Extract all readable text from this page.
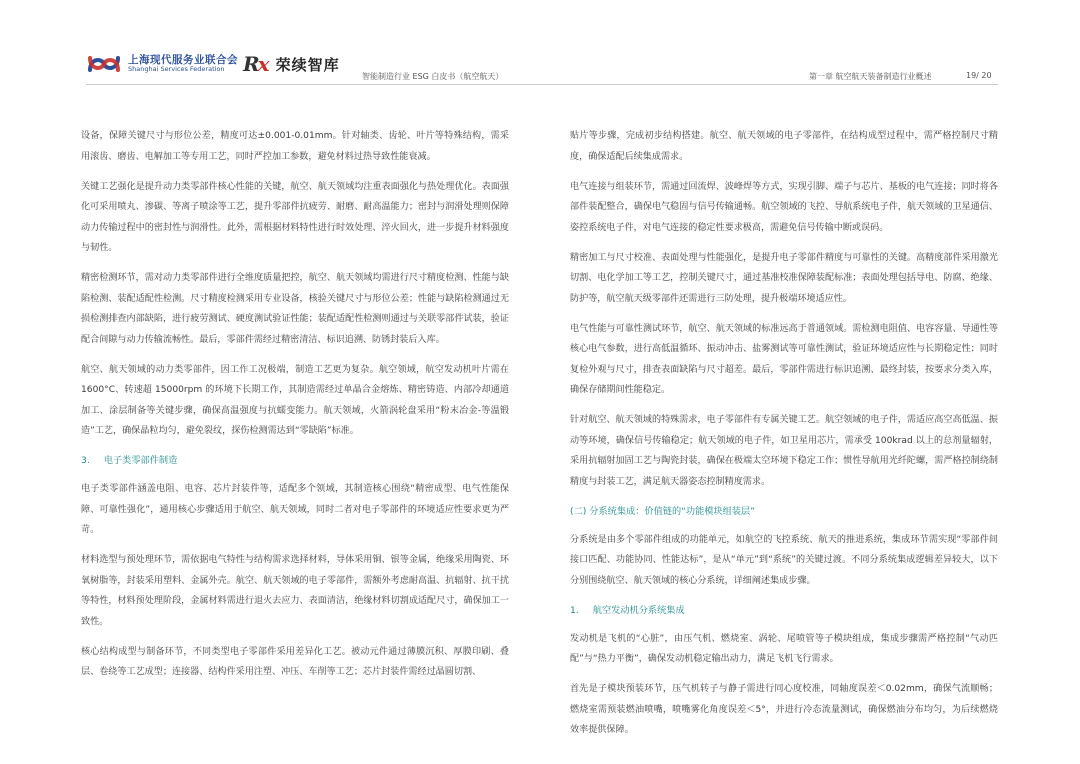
上海现代服务业联合会
Shanghai Services Federation Rx 荣续智库
智能制造行业 ESG 白皮书（航空航天）	第一章 航空航天装备制造行业概述	19/ 20

设备，保障关键尺寸与形位公差，精度可达±0.001-0.01mm。针对轴类、齿轮、叶片等特殊结构，需采用滚齿、磨齿、电解加工等专用工艺，同时严控加工参数，避免材料过热导致性能衰减。

关键工艺强化是提升动力类零部件核心性能的关键，航空、航天领域均注重表面强化与热处理优化。表面强化可采用喷丸、渗碳、等离子喷涂等工艺，提升零部件抗疲劳、耐磨、耐高温能力；密封与润滑处理则保障动力传输过程中的密封性与润滑性。此外，需根据材料特性进行时效处理、淬火回火，进一步提升材料强度与韧性。

精密检测环节，需对动力类零部件进行全维度质量把控，航空、航天领域均需进行尺寸精度检测、性能与缺陷检测、装配适配性检测。尺寸精度检测采用专业设备，核验关键尺寸与形位公差；性能与缺陷检测通过无损检测排查内部缺陷，进行疲劳测试、硬度测试验证性能；装配适配性检测则通过与关联零部件试装，验证配合间隙与动力传输流畅性。最后，零部件需经过精密清洁、标识追溯、防锈封装后入库。

航空、航天领域的动力类零部件，因工作工况极端，制造工艺更为复杂。航空领域，航空发动机叶片需在 1600°C、转速超 15000rpm 的环境下长期工作，其制造需经过单晶合金熔炼、精密铸造、内部冷却通道加工、涂层制备等关键步骤，确保高温强度与抗蠕变能力。航天领域，火箭涡轮盘采用“粉末冶金-等温锻造”工艺，确保晶粒均匀，避免裂纹，探伤检测需达到“零缺陷”标准。

3. 电子类零部件制造

电子类零部件涵盖电阻、电容、芯片封装件等，适配多个领域，其制造核心围绕“精密成型、电气性能保障、可靠性强化”，通用核心步骤适用于航空、航天领域，同时二者对电子零部件的环境适应性要求更为严苛。

材料选型与预处理环节，需依据电气特性与结构需求选择材料，导体采用铜、银等金属，绝缘采用陶瓷、环氧树脂等，封装采用塑料、金属外壳。航空、航天领域的电子零部件，需额外考虑耐高温、抗辐射、抗干扰等特性，材料预处理阶段，金属材料需进行退火去应力、表面清洁，绝缘材料切割成适配尺寸，确保加工一致性。

核心结构成型与制备环节，不同类型电子零部件采用差异化工艺。被动元件通过薄膜沉积、厚膜印刷、叠层、卷绕等工艺成型；连接器、结构件采用注塑、冲压、车削等工艺；芯片封装件需经过晶圆切割、

贴片等步骤，完成初步结构搭建。航空、航天领域的电子零部件，在结构成型过程中，需严格控制尺寸精度，确保适配后续集成需求。

电气连接与组装环节，需通过回流焊、波峰焊等方式，实现引脚、端子与芯片、基板的电气连接；同时将各部件装配整合，确保电气稳固与信号传输通畅。航空领域的飞控、导航系统电子件，航天领域的卫星通信、姿控系统电子件，对电气连接的稳定性要求极高，需避免信号传输中断或误码。

精密加工与尺寸校准、表面处理与性能强化，是提升电子零部件精度与可靠性的关键。高精度部件采用激光切割、电化学加工等工艺，控制关键尺寸，通过基准校准保障装配标准；表面处理包括导电、防腐、绝缘、防护等，航空航天级零部件还需进行三防处理，提升极端环境适应性。

电气性能与可靠性测试环节，航空、航天领域的标准远高于普通领域。需检测电阻值、电容容量、导通性等核心电气参数，进行高低温循环、振动冲击、盐雾测试等可靠性测试，验证环境适应性与长期稳定性；同时复检外观与尺寸，排查表面缺陷与尺寸超差。最后，零部件需进行标识追溯、最终封装，按要求分类入库，确保存储期间性能稳定。

针对航空、航天领域的特殊需求，电子零部件有专属关键工艺。航空领域的电子件，需适应高空高低温、振动等环境，确保信号传输稳定；航天领域的电子件，如卫星用芯片，需承受 100krad 以上的总剂量辐射，采用抗辐射加固工艺与陶瓷封装，确保在极端太空环境下稳定工作；惯性导航用光纤陀螺，需严格控制绕制精度与封装工艺，满足航天器姿态控制精度需求。

(二) 分系统集成：价值链的“功能模块组装层”

分系统是由多个零部件组成的功能单元，如航空的飞控系统、航天的推进系统，集成环节需实现“零部件间接口匹配、功能协同、性能达标”，是从“单元”到“系统”的关键过渡。不同分系统集成逻辑差异较大，以下分别围绕航空、航天领域的核心分系统，详细阐述集成步骤。

1. 航空发动机分系统集成

发动机是飞机的“心脏”，由压气机、燃烧室、涡轮、尾喷管等子模块组成，集成步骤需严格控制“气动匹配”与“热力平衡”，确保发动机稳定输出动力，满足飞机飞行需求。

首先是子模块预装环节，压气机转子与静子需进行同心度校准，同轴度误差＜0.02mm，确保气流顺畅；燃烧室需预装燃油喷嘴，喷嘴雾化角度误差＜5°，并进行冷态流量测试，确保燃油分布均匀，为后续燃烧效率提供保障。
